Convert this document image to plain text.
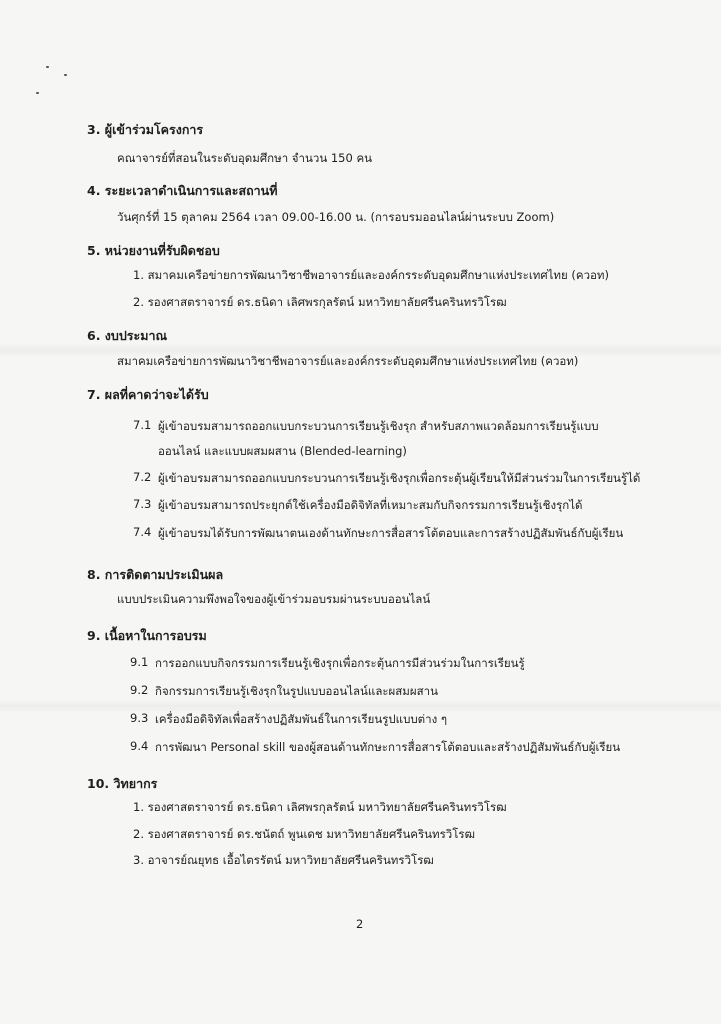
3. ผู้เข้าร่วมโครงการ
คณาจารย์ที่สอนในระดับอุดมศึกษา จำนวน 150 คน
4. ระยะเวลาดำเนินการและสถานที่
วันศุกร์ที่ 15 ตุลาคม 2564 เวลา 09.00-16.00 น. (การอบรมออนไลน์ผ่านระบบ Zoom)
5. หน่วยงานที่รับผิดชอบ
1. สมาคมเครือข่ายการพัฒนาวิชาชีพอาจารย์และองค์กรระดับอุดมศึกษาแห่งประเทศไทย (ควอท)
2. รองศาสตราจารย์ ดร.ธนิดา เลิศพรกุลรัตน์ มหาวิทยาลัยศรีนครินทรวิโรฒ
6. งบประมาณ
สมาคมเครือข่ายการพัฒนาวิชาชีพอาจารย์และองค์กรระดับอุดมศึกษาแห่งประเทศไทย (ควอท)
7. ผลที่คาดว่าจะได้รับ
7.1 ผู้เข้าอบรมสามารถออกแบบกระบวนการเรียนรู้เชิงรุก สำหรับสภาพแวดล้อมการเรียนรู้แบบ
ออนไลน์ และแบบผสมผสาน (Blended-learning)
7.2 ผู้เข้าอบรมสามารถออกแบบกระบวนการเรียนรู้เชิงรุกเพื่อกระตุ้นผู้เรียนให้มีส่วนร่วมในการเรียนรู้ได้
7.3 ผู้เข้าอบรมสามารถประยุกต์ใช้เครื่องมือดิจิทัลที่เหมาะสมกับกิจกรรมการเรียนรู้เชิงรุกได้
7.4 ผู้เข้าอบรมได้รับการพัฒนาตนเองด้านทักษะการสื่อสารโต้ตอบและการสร้างปฏิสัมพันธ์กับผู้เรียน
8. การติดตามประเมินผล
แบบประเมินความพึงพอใจของผู้เข้าร่วมอบรมผ่านระบบออนไลน์
9. เนื้อหาในการอบรม
9.1 การออกแบบกิจกรรมการเรียนรู้เชิงรุกเพื่อกระตุ้นการมีส่วนร่วมในการเรียนรู้
9.2 กิจกรรมการเรียนรู้เชิงรุกในรูปแบบออนไลน์และผสมผสาน
9.3 เครื่องมือดิจิทัลเพื่อสร้างปฏิสัมพันธ์ในการเรียนรูปแบบต่าง ๆ
9.4 การพัฒนา Personal skill ของผู้สอนด้านทักษะการสื่อสารโต้ตอบและสร้างปฏิสัมพันธ์กับผู้เรียน
10. วิทยากร
1. รองศาสตราจารย์ ดร.ธนิดา เลิศพรกุลรัตน์ มหาวิทยาลัยศรีนครินทรวิโรฒ
2. รองศาสตราจารย์ ดร.ชนัตถ์ พูนเดช มหาวิทยาลัยศรีนครินทรวิโรฒ
3. อาจารย์ณยุทธ เอื้อไตรรัตน์ มหาวิทยาลัยศรีนครินทรวิโรฒ
2
